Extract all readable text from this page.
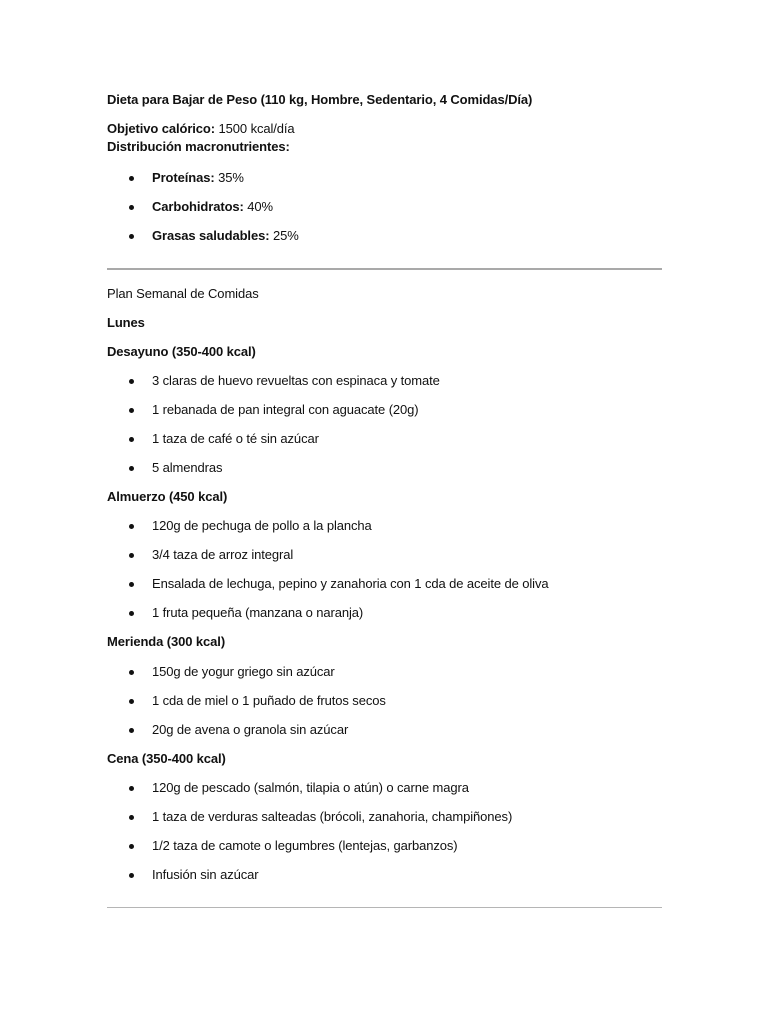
Dieta para Bajar de Peso (110 kg, Hombre, Sedentario, 4 Comidas/Día)
Objetivo calórico: 1500 kcal/día
Distribución macronutrientes:
Proteínas: 35%
Carbohidratos: 40%
Grasas saludables: 25%
Plan Semanal de Comidas
Lunes
Desayuno (350-400 kcal)
3 claras de huevo revueltas con espinaca y tomate
1 rebanada de pan integral con aguacate (20g)
1 taza de café o té sin azúcar
5 almendras
Almuerzo (450 kcal)
120g de pechuga de pollo a la plancha
3/4 taza de arroz integral
Ensalada de lechuga, pepino y zanahoria con 1 cda de aceite de oliva
1 fruta pequeña (manzana o naranja)
Merienda (300 kcal)
150g de yogur griego sin azúcar
1 cda de miel o 1 puñado de frutos secos
20g de avena o granola sin azúcar
Cena (350-400 kcal)
120g de pescado (salmón, tilapia o atún) o carne magra
1 taza de verduras salteadas (brócoli, zanahoria, champiñones)
1/2 taza de camote o legumbres (lentejas, garbanzos)
Infusión sin azúcar
